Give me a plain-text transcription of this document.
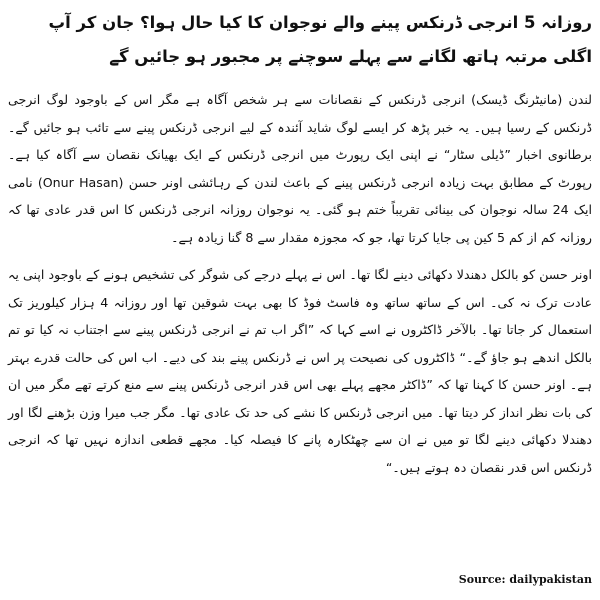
روزانہ 5 انرجی ڈرنکس پینے والے نوجوان کا کیا حال ہوا؟ جان کر آپ اگلی مرتبہ ہاتھ لگانے سے پہلے سوچنے پر مجبور ہو جائیں گے

لندن (مانیٹرنگ ڈیسک) انرجی ڈرنکس کے نقصانات سے ہر شخص آگاہ ہے مگر اس کے باوجود لوگ انرجی ڈرنکس کے رسیا ہیں۔ یہ خبر پڑھ کر ایسے لوگ شاید آئندہ کے لیے انرجی ڈرنکس پینے سے تائب ہو جائیں گے۔ برطانوی اخبار ”ڈیلی سٹار“ نے اپنی ایک رپورٹ میں انرجی ڈرنکس کے ایک بھیانک نقصان سے آگاہ کیا ہے۔ رپورٹ کے مطابق بہت زیادہ انرجی ڈرنکس پینے کے باعث لندن کے رہائشی اونر حسن (Onur Hasan) نامی ایک 24 سالہ نوجوان کی بینائی تقریباً ختم ہو گئی۔ یہ نوجوان روزانہ انرجی ڈرنکس کا اس قدر عادی تھا کہ روزانہ کم از کم 5 کین پی جایا کرتا تھا، جو کہ مجوزہ مقدار سے 8 گنا زیادہ ہے۔

اونر حسن کو بالکل دھندلا دکھائی دینے لگا تھا۔ اس نے پہلے درجے کی شوگر کی تشخیص ہونے کے باوجود اپنی یہ عادت ترک نہ کی۔ اس کے ساتھ ساتھ وہ فاسٹ فوڈ کا بھی بہت شوقین تھا اور روزانہ 4 ہزار کیلوریز تک استعمال کر جاتا تھا۔ بالآخر ڈاکٹروں نے اسے کہا کہ ”اگر اب تم نے انرجی ڈرنکس پینے سے اجتناب نہ کیا تو تم بالکل اندھے ہو جاﺅ گے۔“ ڈاکٹروں کی نصیحت پر اس نے ڈرنکس پینے بند کی دیے۔ اب اس کی حالت قدرے بہتر ہے۔ اونر حسن کا کہنا تھا کہ ”ڈاکٹر مجھے پہلے بھی اس قدر انرجی ڈرنکس پینے سے منع کرتے تھے مگر میں ان کی بات نظر انداز کر دیتا تھا۔ میں انرجی ڈرنکس کا نشے کی حد تک عادی تھا۔ مگر جب میرا وزن بڑھنے لگا اور دھندلا دکھائی دینے لگا تو میں نے ان سے چھٹکارہ پانے کا فیصلہ کیا۔ مجھے قطعی اندازہ نہیں تھا کہ انرجی ڈرنکس اس قدر نقصان دہ ہوتے ہیں۔“

Source: dailypakistan
